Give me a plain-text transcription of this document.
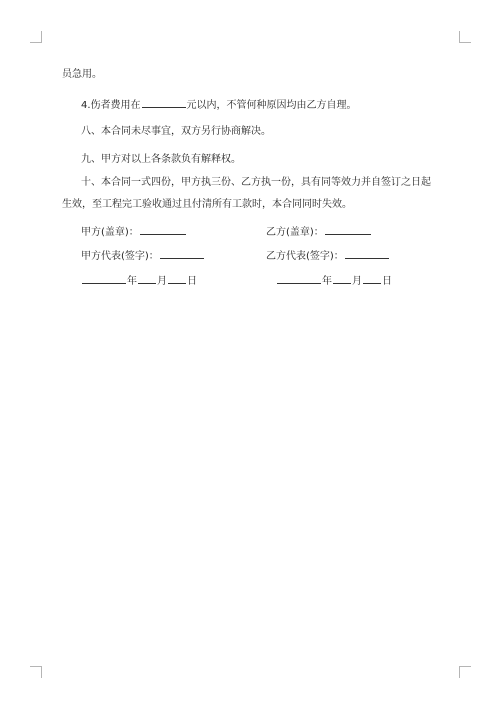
员急用。
4.伤者费用在	元以内，不管何种原因均由乙方自理。
八、本合同未尽事宜，双方另行协商解决。
九、甲方对以上各条款负有解释权。
十、本合同一式四份，甲方执三份、乙方执一份，具有同等效力并自签订之日起
生效，至工程完工验收通过且付清所有工款时，本合同同时失效。
甲方(盖章)：	乙方(盖章)：
甲方代表(签字)：	乙方代表(签字)：
年 月 日	年 月 日
